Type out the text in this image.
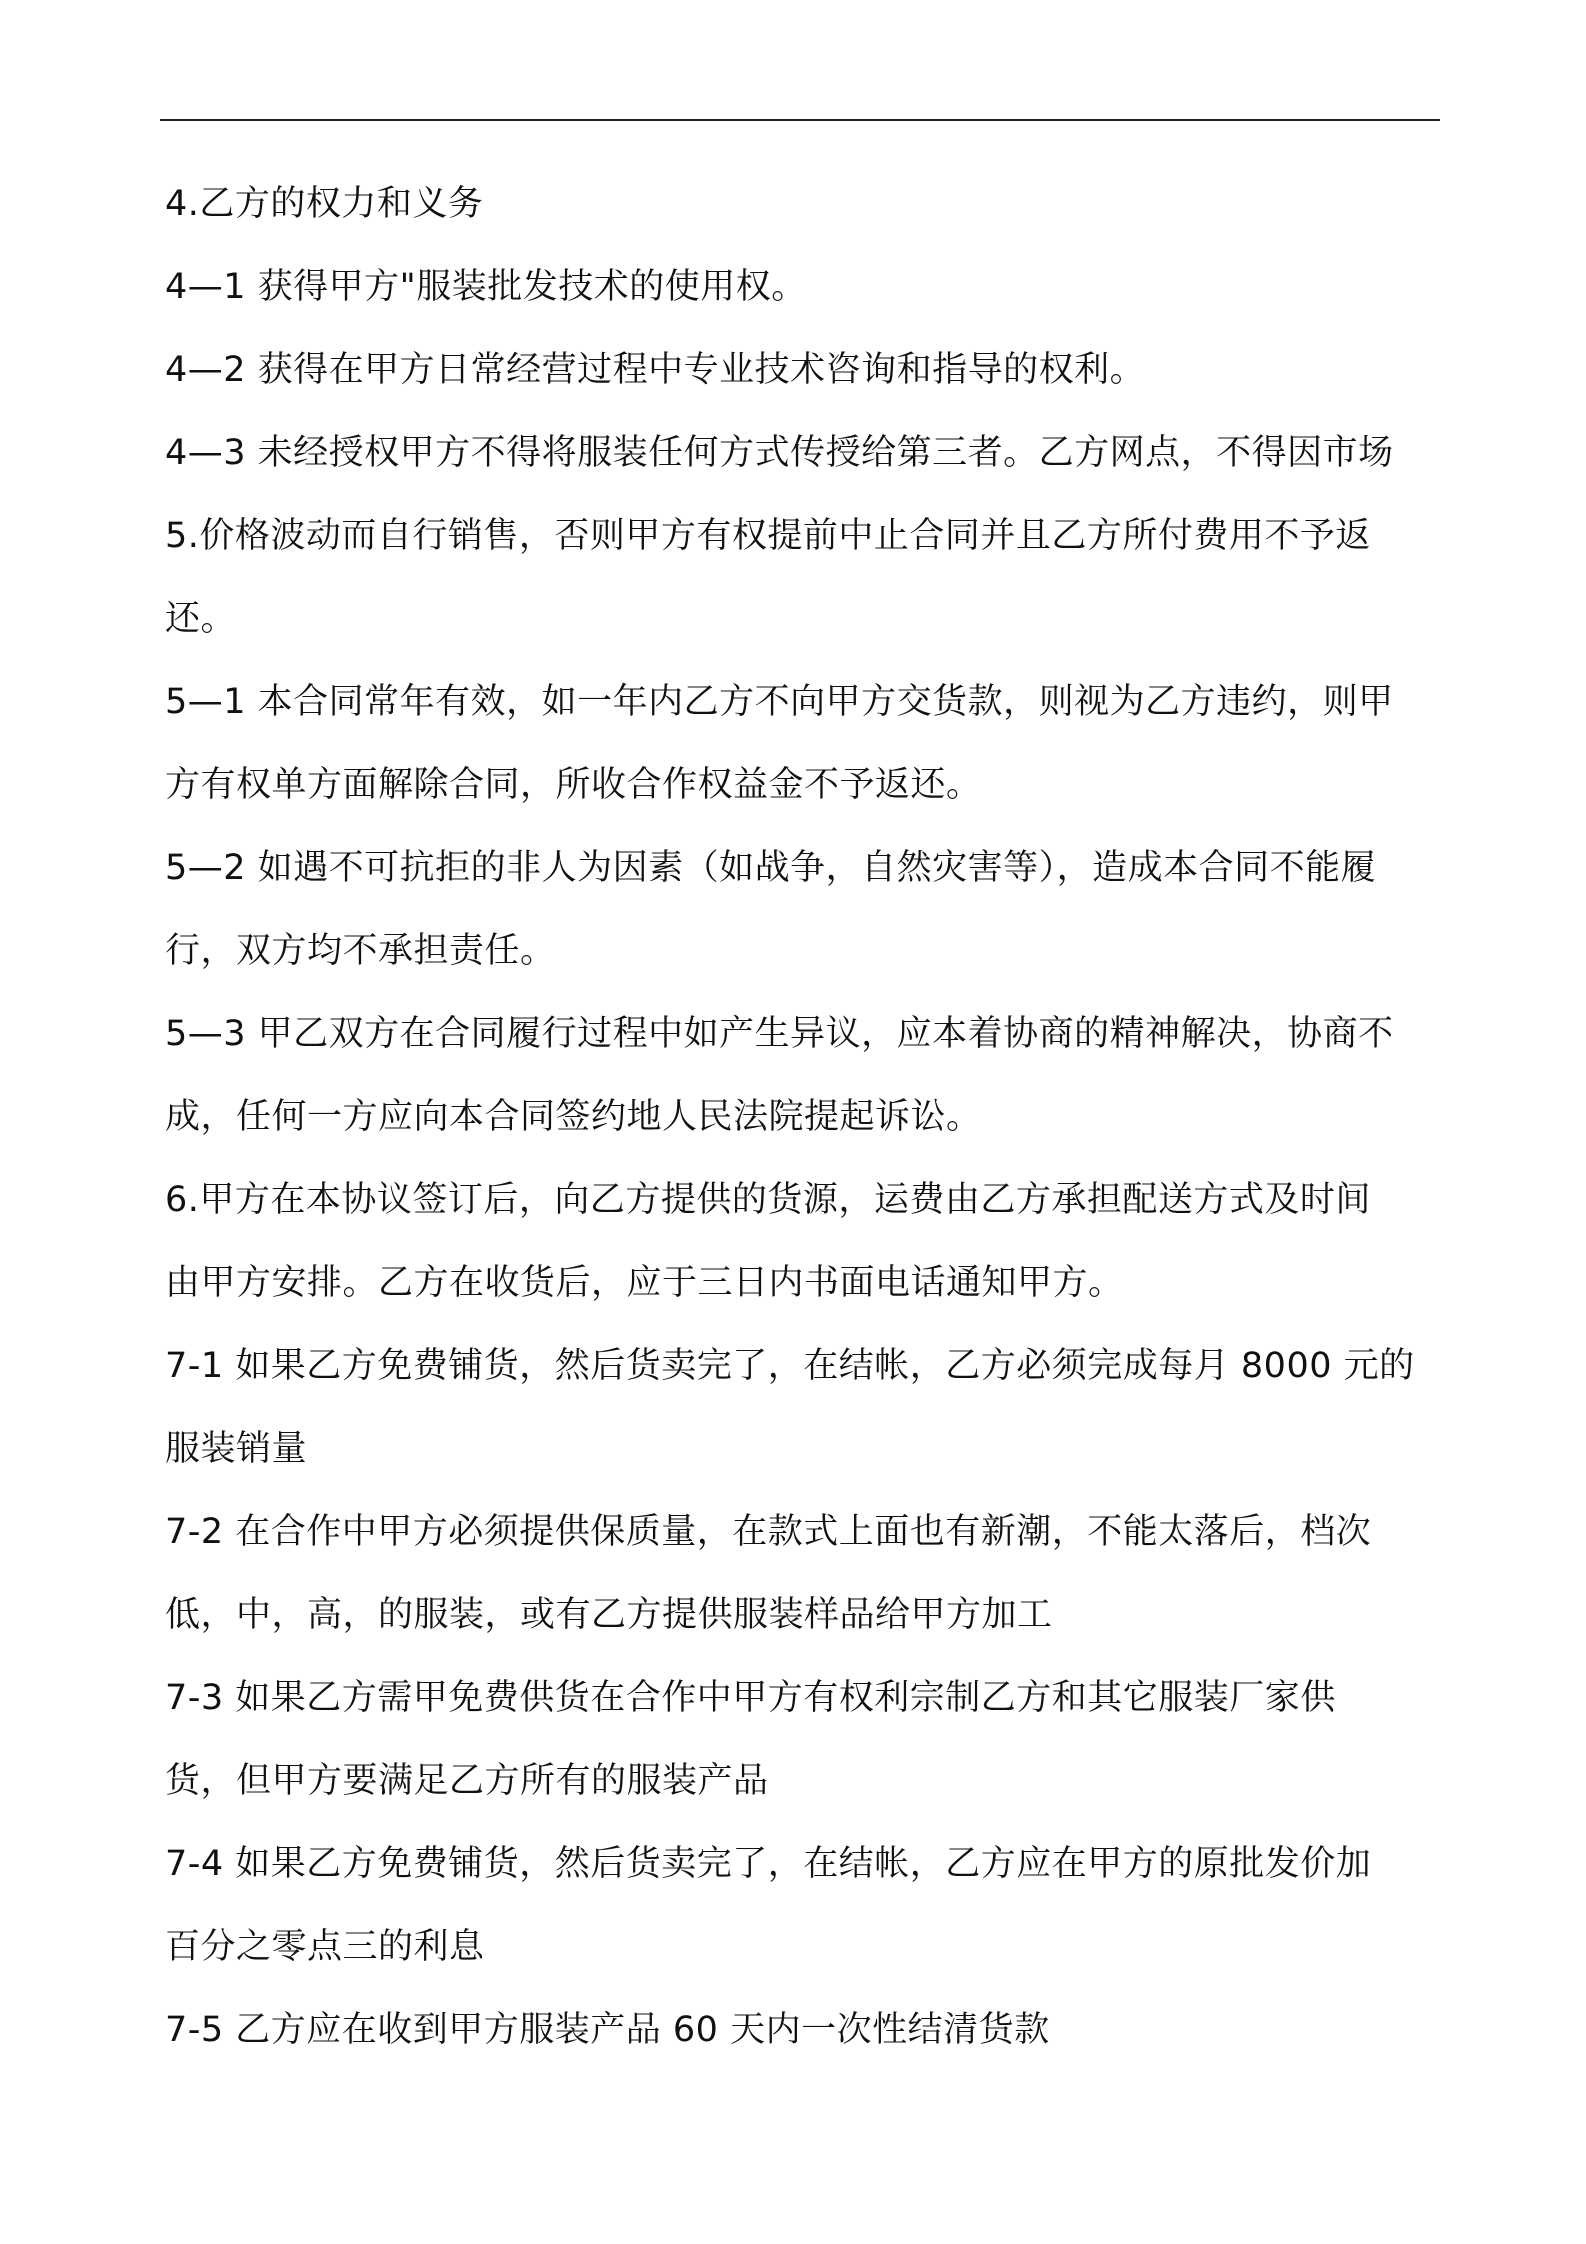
4.乙方的权力和义务
4—1 获得甲方"服装批发技术的使用权。
4—2 获得在甲方日常经营过程中专业技术咨询和指导的权利。
4—3 未经授权甲方不得将服装任何方式传授给第三者。乙方网点，不得因市场
5.价格波动而自行销售，否则甲方有权提前中止合同并且乙方所付费用不予返
还。
5—1 本合同常年有效，如一年内乙方不向甲方交货款，则视为乙方违约，则甲
方有权单方面解除合同，所收合作权益金不予返还。
5—2 如遇不可抗拒的非人为因素（如战争，自然灾害等），造成本合同不能履
行，双方均不承担责任。
5—3 甲乙双方在合同履行过程中如产生异议，应本着协商的精神解决，协商不
成，任何一方应向本合同签约地人民法院提起诉讼。
6.甲方在本协议签订后，向乙方提供的货源，运费由乙方承担配送方式及时间
由甲方安排。乙方在收货后，应于三日内书面电话通知甲方。
7-1 如果乙方免费铺货，然后货卖完了，在结帐，乙方必须完成每月 8000 元的
服装销量
7-2 在合作中甲方必须提供保质量，在款式上面也有新潮，不能太落后，档次
低，中，高，的服装，或有乙方提供服装样品给甲方加工
7-3 如果乙方需甲免费供货在合作中甲方有权利宗制乙方和其它服装厂家供
货，但甲方要满足乙方所有的服装产品
7-4 如果乙方免费铺货，然后货卖完了，在结帐，乙方应在甲方的原批发价加
百分之零点三的利息
7-5 乙方应在收到甲方服装产品 60 天内一次性结清货款
